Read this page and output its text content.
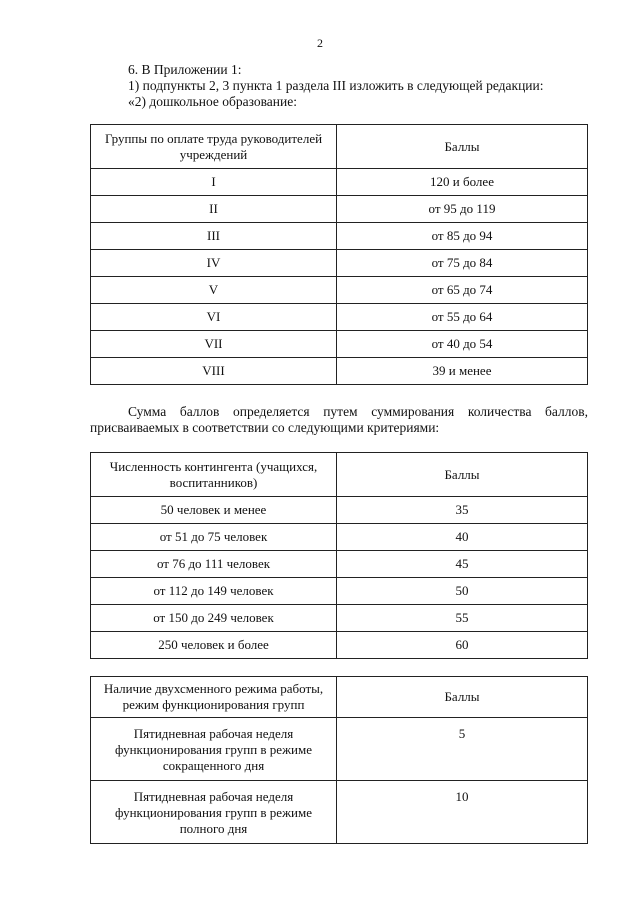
2
6. В Приложении 1:
1) подпункты 2, 3 пункта 1 раздела III изложить в следующей редакции:
«2) дошкольное образование:
Группы по оплате труда руководителей учреждений	Баллы
I	120 и более
II	от 95 до 119
III	от 85 до 94
IV	от 75 до 84
V	от 65 до 74
VI	от 55 до 64
VII	от 40 до 54
VIII	39 и менее
Сумма баллов определяется путем суммирования количества баллов, присваиваемых в соответствии со следующими критериями:
Численность контингента (учащихся, воспитанников)	Баллы
50 человек и менее	35
от 51 до 75 человек	40
от 76 до 111 человек	45
от 112 до 149 человек	50
от 150 до 249 человек	55
250 человек и более	60
Наличие двухсменного режима работы, режим функционирования групп	Баллы
Пятидневная рабочая неделя функционирования групп в режиме сокращенного дня	5
Пятидневная рабочая неделя функционирования групп в режиме полного дня	10
